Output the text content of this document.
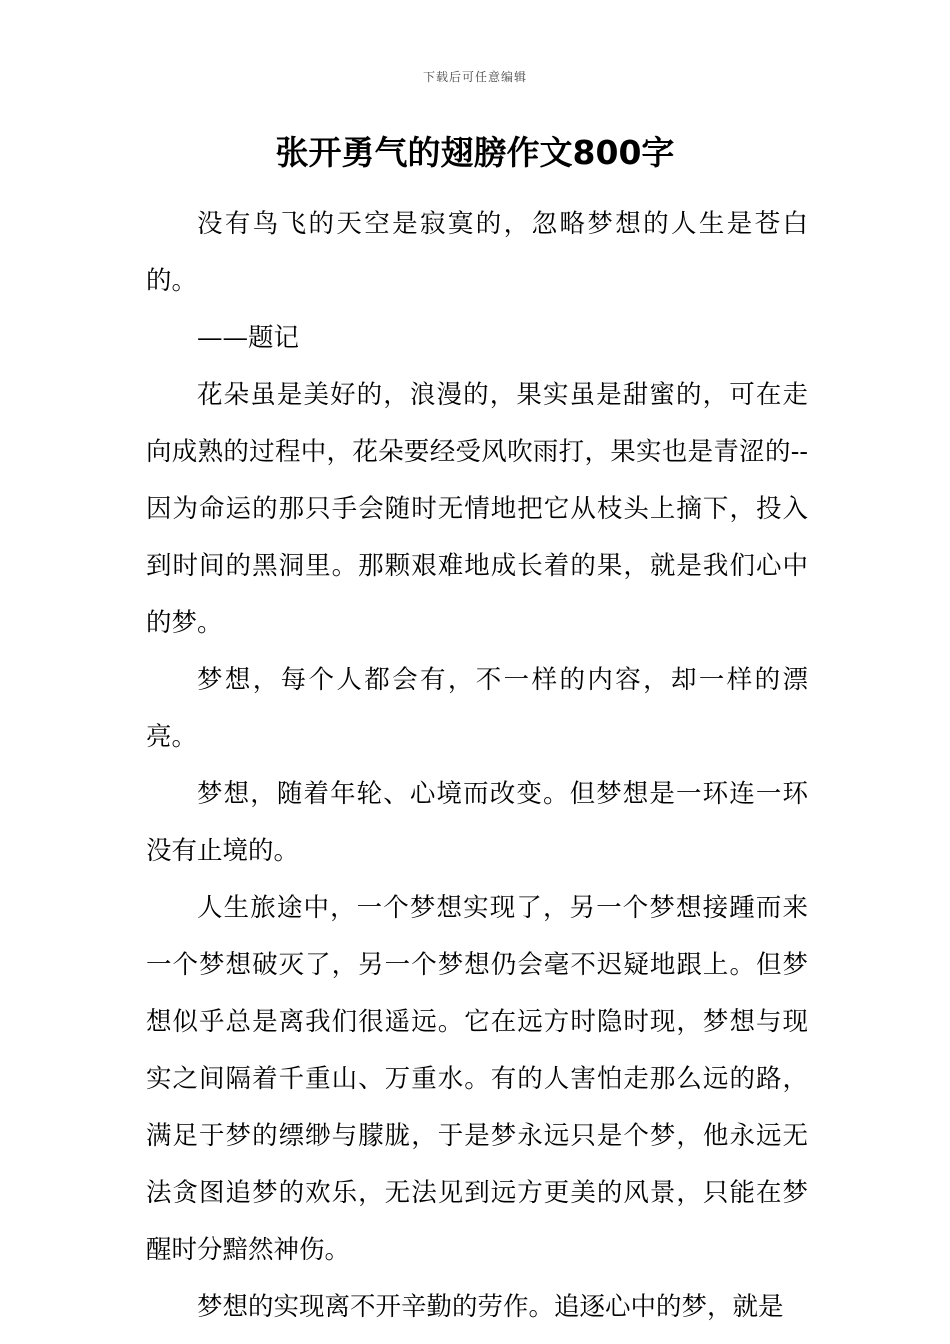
下载后可任意编辑
张开勇气的翅膀作文800字

没有鸟飞的天空是寂寞的，忽略梦想的人生是苍白的。

——题记

花朵虽是美好的，浪漫的，果实虽是甜蜜的，可在走向成熟的过程中，花朵要经受风吹雨打，果实也是青涩的--因为命运的那只手会随时无情地把它从枝头上摘下，投入到时间的黑洞里。那颗艰难地成长着的果，就是我们心中的梦。

梦想，每个人都会有，不一样的内容，却一样的漂亮。

梦想，随着年轮、心境而改变。但梦想是一环连一环没有止境的。

人生旅途中，一个梦想实现了，另一个梦想接踵而来一个梦想破灭了，另一个梦想仍会毫不迟疑地跟上。但梦想似乎总是离我们很遥远。它在远方时隐时现，梦想与现实之间隔着千重山、万重水。有的人害怕走那么远的路，满足于梦的缥缈与朦胧，于是梦永远只是个梦，他永远无法贪图追梦的欢乐，无法见到远方更美的风景，只能在梦醒时分黯然神伤。

梦想的实现离不开辛勤的劳作。追逐心中的梦，就是
